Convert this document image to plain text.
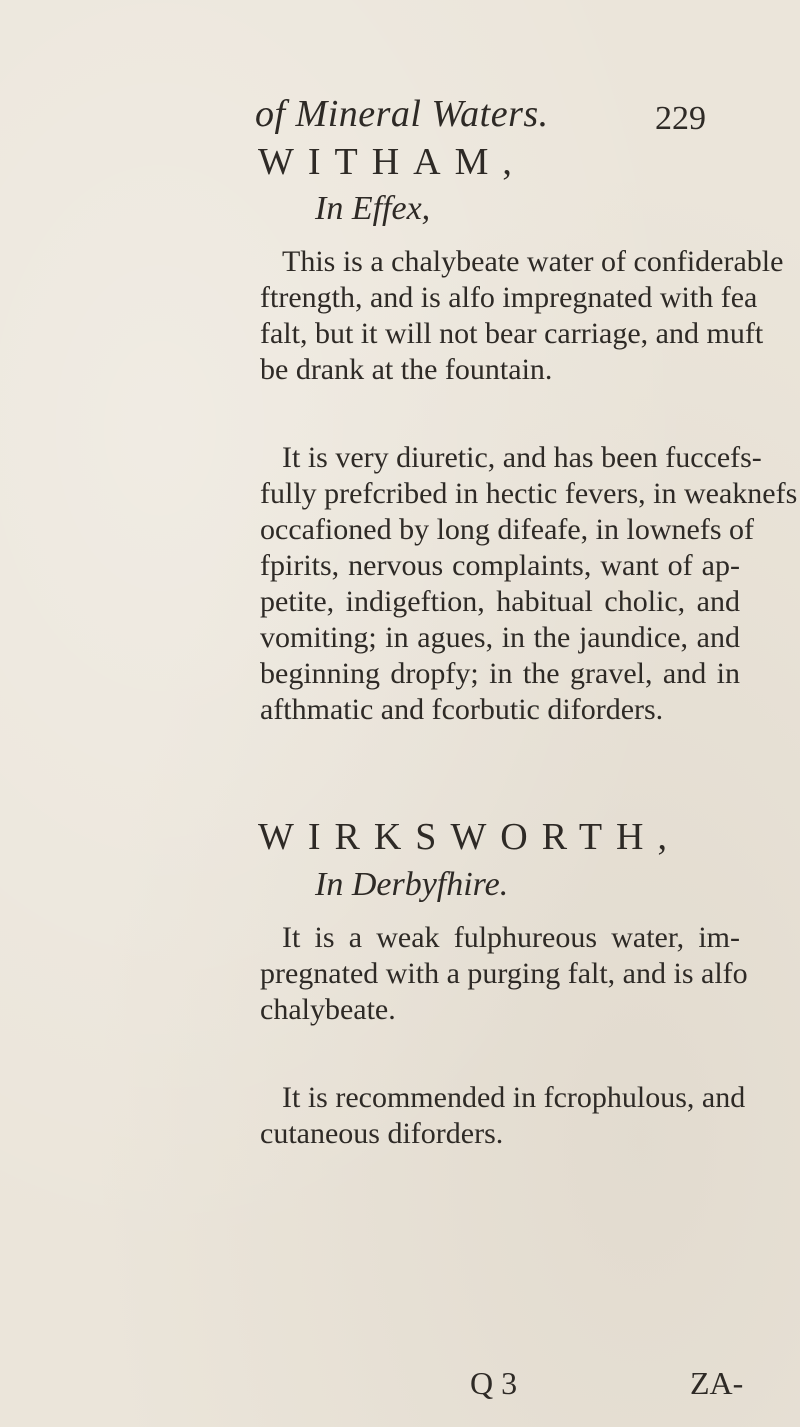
of Mineral Waters.	229
WITHAM,
In Effex,
This is a chalybeate water of confiderable
ftrength, and is alfo impregnated with fea
falt, but it will not bear carriage, and muft
be drank at the fountain.
It is very diuretic, and has been fuccefs-
fully prefcribed in hectic fevers, in weaknefs
occafioned by long difeafe, in lownefs of
fpirits, nervous complaints, want of ap-
petite, indigeftion, habitual cholic, and
vomiting; in agues, in the jaundice, and
beginning dropfy; in the gravel, and in
afthmatic and fcorbutic diforders.
WIRKSWORTH,
In Derbyfhire.
It is a weak fulphureous water, im-
pregnated with a purging falt, and is alfo
chalybeate.
It is recommended in fcrophulous, and
cutaneous diforders.
Q 3	ZA-
